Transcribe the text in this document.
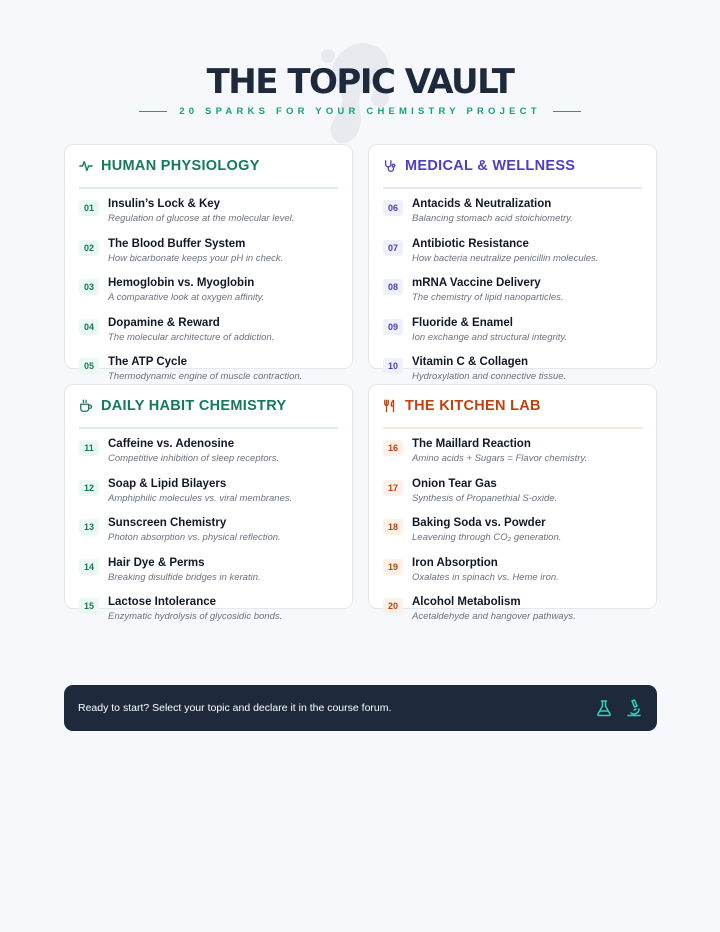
THE TOPIC VAULT
20 SPARKS FOR YOUR CHEMISTRY PROJECT
HUMAN PHYSIOLOGY
01	Insulin’s Lock & Key
Regulation of glucose at the molecular level.
02	The Blood Buffer System
How bicarbonate keeps your pH in check.
03	Hemoglobin vs. Myoglobin
A comparative look at oxygen affinity.
04	Dopamine & Reward
The molecular architecture of addiction.
05	The ATP Cycle
Thermodynamic engine of muscle contraction.
MEDICAL & WELLNESS
06	Antacids & Neutralization
Balancing stomach acid stoichiometry.
07	Antibiotic Resistance
How bacteria neutralize penicillin molecules.
08	mRNA Vaccine Delivery
The chemistry of lipid nanoparticles.
09	Fluoride & Enamel
Ion exchange and structural integrity.
10	Vitamin C & Collagen
Hydroxylation and connective tissue.
DAILY HABIT CHEMISTRY
11	Caffeine vs. Adenosine
Competitive inhibition of sleep receptors.
12	Soap & Lipid Bilayers
Amphiphilic molecules vs. viral membranes.
13	Sunscreen Chemistry
Photon absorption vs. physical reflection.
14	Hair Dye & Perms
Breaking disulfide bridges in keratin.
15	Lactose Intolerance
Enzymatic hydrolysis of glycosidic bonds.
THE KITCHEN LAB
16	The Maillard Reaction
Amino acids + Sugars = Flavor chemistry.
17	Onion Tear Gas
Synthesis of Propanethial S-oxide.
18	Baking Soda vs. Powder
Leavening through CO₂ generation.
19	Iron Absorption
Oxalates in spinach vs. Heme iron.
20	Alcohol Metabolism
Acetaldehyde and hangover pathways.
Ready to start? Select your topic and declare it in the course forum.
